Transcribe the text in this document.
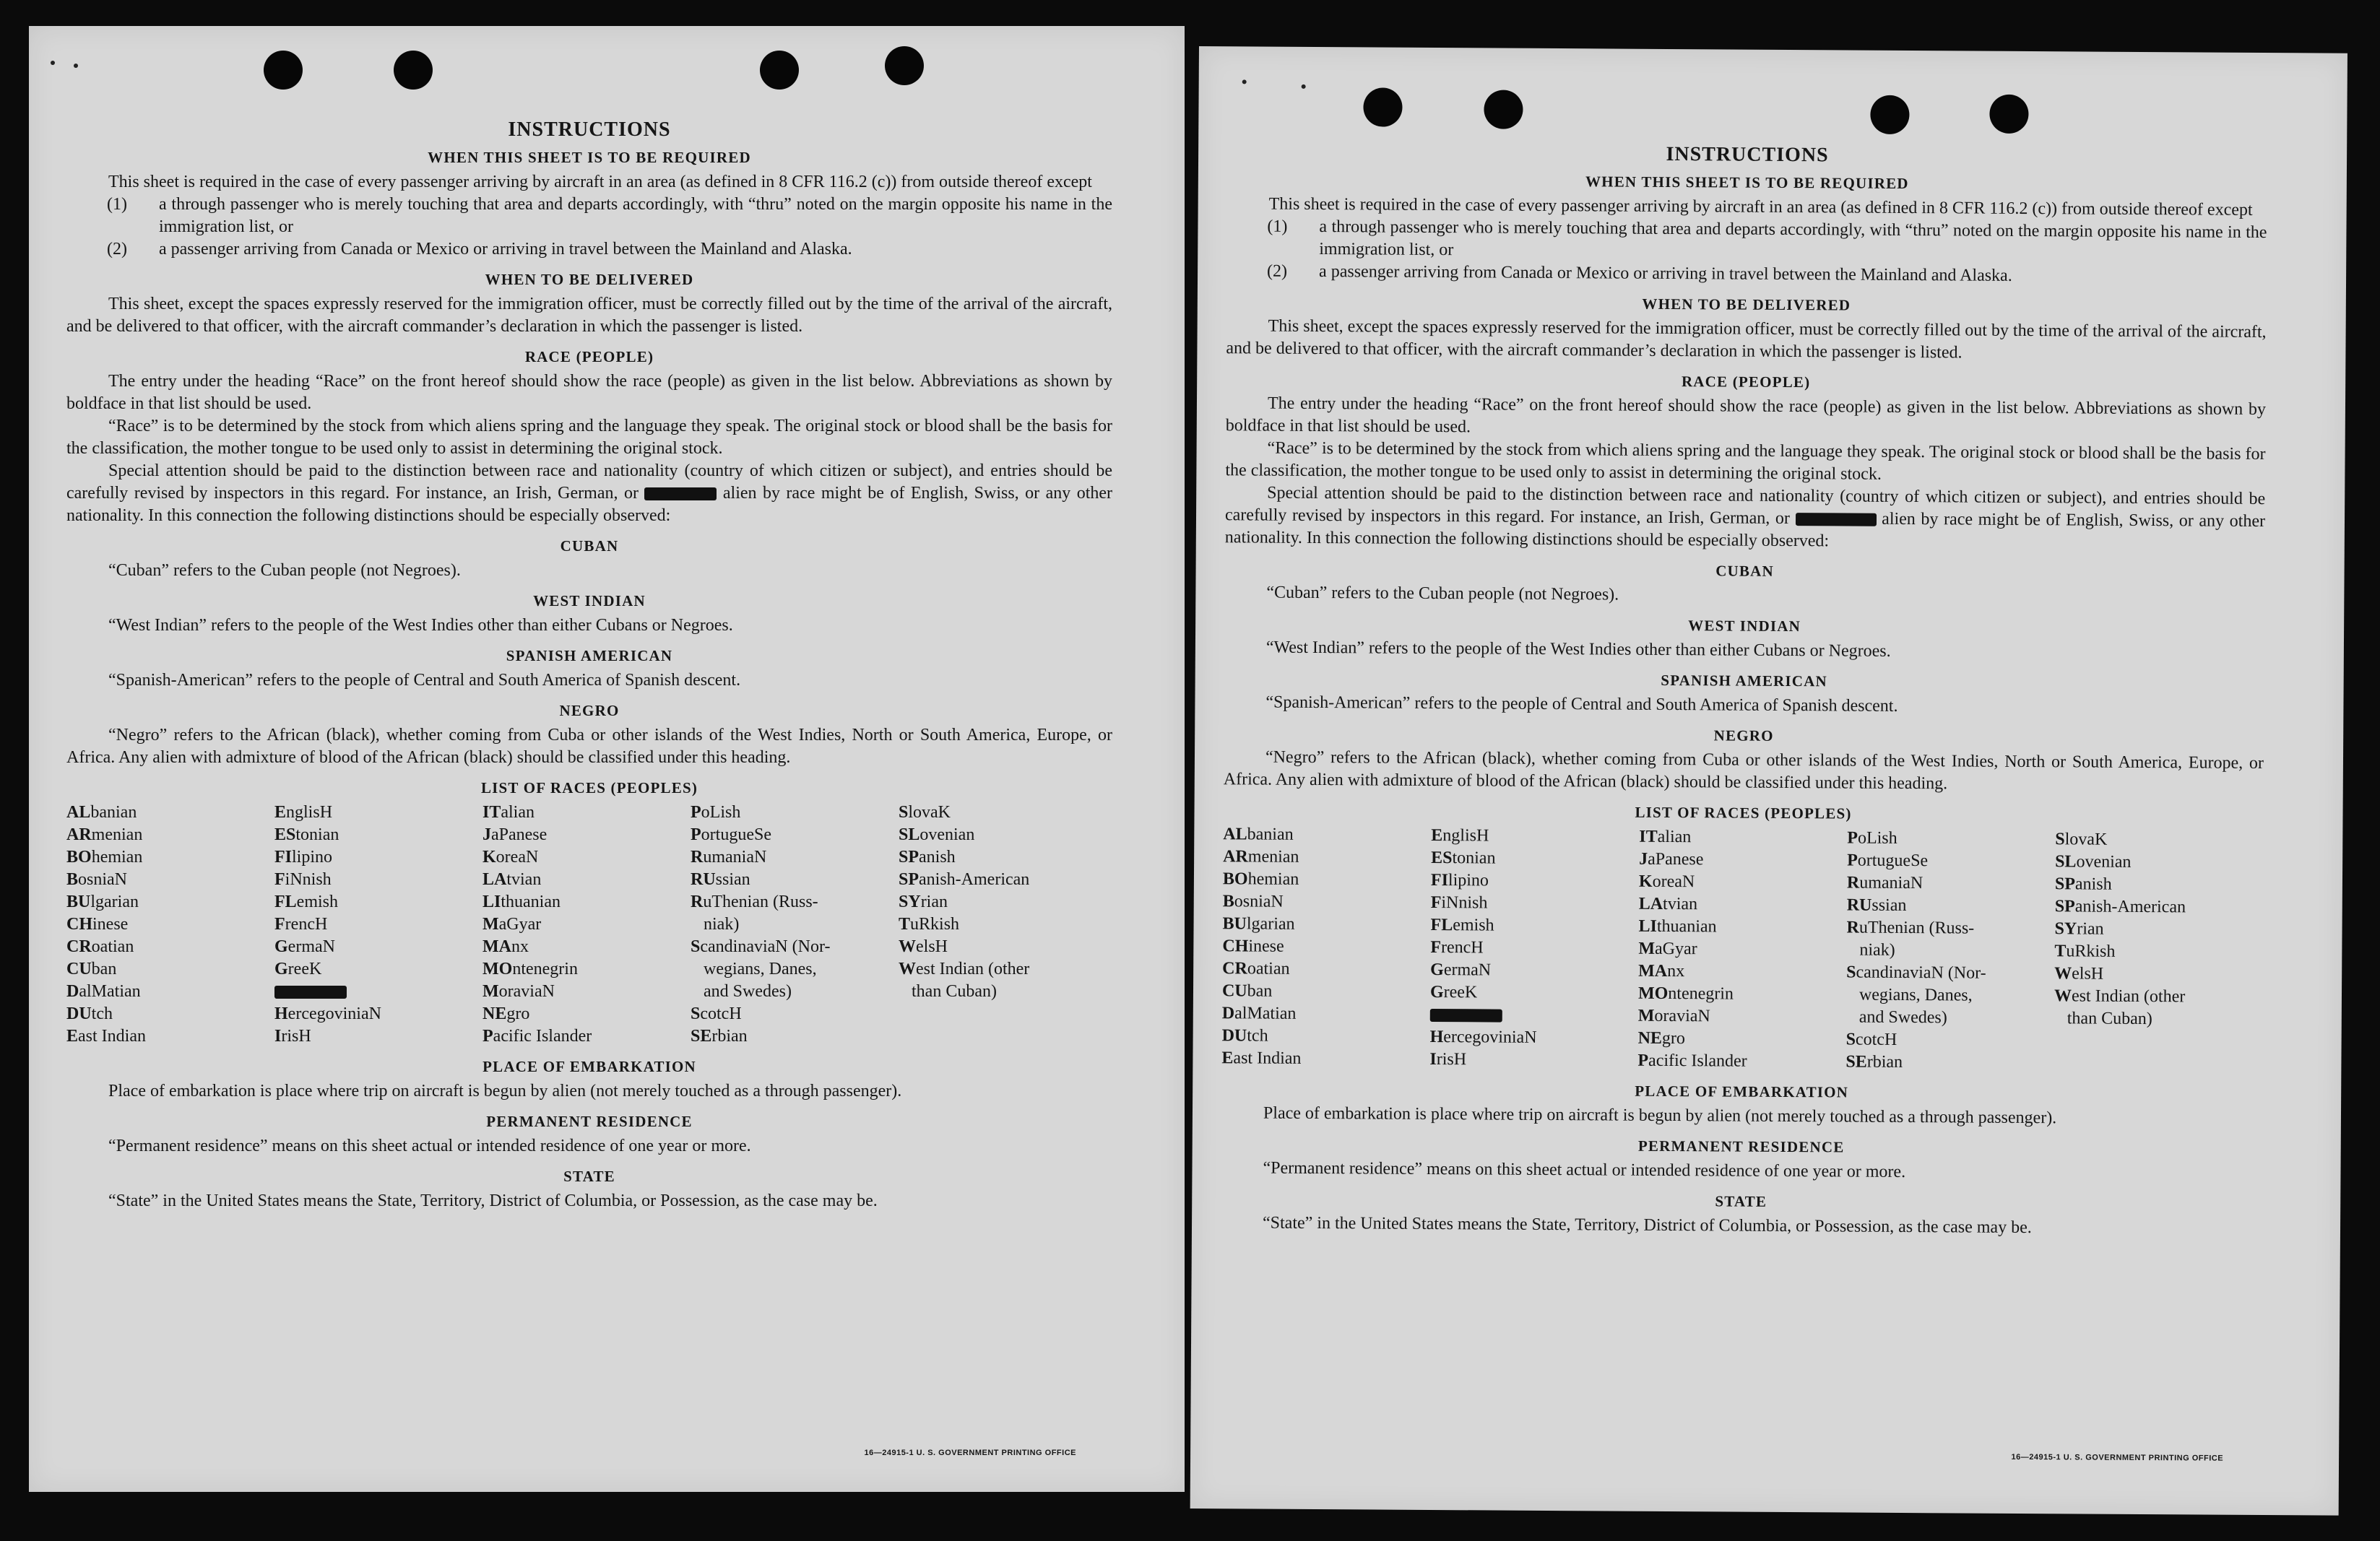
INSTRUCTIONS
WHEN THIS SHEET IS TO BE REQUIRED

This sheet is required in the case of every passenger arriving by aircraft in an area (as defined in 8 CFR 116.2 (c)) from outside thereof except

(1) a through passenger who is merely touching that area and departs accordingly, with “thru” noted on the margin opposite his name in the immigration list, or
(2) a passenger arriving from Canada or Mexico or arriving in travel between the Mainland and Alaska.
WHEN TO BE DELIVERED

This sheet, except the spaces expressly reserved for the immigration officer, must be correctly filled out by the time of the arrival of the aircraft, and be delivered to that officer, with the aircraft commander’s declaration in which the passenger is listed.

RACE (PEOPLE)

The entry under the heading “Race” on the front hereof should show the race (people) as given in the list below. Abbreviations as shown by boldface in that list should be used.

“Race” is to be determined by the stock from which aliens spring and the language they speak. The original stock or blood shall be the basis for the classification, the mother tongue to be used only to assist in determining the original stock.

Special attention should be paid to the distinction between race and nationality (country of which citizen or subject), and entries should be carefully revised by inspectors in this regard. For instance, an Irish, German, or	alien by race might be of English, Swiss, or any other nationality. In this connection the following distinctions should be especially observed:

CUBAN

“Cuban” refers to the Cuban people (not Negroes).

WEST INDIAN

“West Indian” refers to the people of the West Indies other than either Cubans or Negroes.

SPANISH AMERICAN

“Spanish-American” refers to the people of Central and South America of Spanish descent.

NEGRO

“Negro” refers to the African (black), whether coming from Cuba or other islands of the West Indies, North or South America, Europe, or Africa. Any alien with admixture of blood of the African (black) should be classified under this heading.

LIST OF RACES (PEOPLES)
ALbanian
ARmenian
BOhemian
BosniaN
BUlgarian
CHinese
CRoatian
CUban
DalMatian
DUtch
East Indian
EnglisH
EStonian
FIlipino
FiNnish
FLemish
FrencH
GermaN
GreeK
HercegoviniaN
IrisH
ITalian
JaPanese
KoreaN
LAtvian
LIthuanian
MaGyar
MAnx
MOntenegrin
MoraviaN
NEgro
Pacific Islander
PoLish
PortugueSe
RumaniaN
RUssian
RuThenian (Russ-
niak)
ScandinaviaN (Nor-
wegians, Danes,
and Swedes)
ScotcH
SErbian
SlovaK
SLovenian
SPanish
SPanish-American
SYrian
TuRkish
WelsH
West Indian (other
than Cuban)

PLACE OF EMBARKATION

Place of embarkation is place where trip on aircraft is begun by alien (not merely touched as a through passenger).

PERMANENT RESIDENCE

“Permanent residence” means on this sheet actual or intended residence of one year or more.

STATE

“State” in the United States means the State, Territory, District of Columbia, or Possession, as the case may be.

16—24915-1 U. S. GOVERNMENT PRINTING OFFICE
INSTRUCTIONS
WHEN THIS SHEET IS TO BE REQUIRED

This sheet is required in the case of every passenger arriving by aircraft in an area (as defined in 8 CFR 116.2 (c)) from outside thereof except

(1) a through passenger who is merely touching that area and departs accordingly, with “thru” noted on the margin opposite his name in the immigration list, or
(2) a passenger arriving from Canada or Mexico or arriving in travel between the Mainland and Alaska.
WHEN TO BE DELIVERED

This sheet, except the spaces expressly reserved for the immigration officer, must be correctly filled out by the time of the arrival of the aircraft, and be delivered to that officer, with the aircraft commander’s declaration in which the passenger is listed.

RACE (PEOPLE)

The entry under the heading “Race” on the front hereof should show the race (people) as given in the list below. Abbreviations as shown by boldface in that list should be used.

“Race” is to be determined by the stock from which aliens spring and the language they speak. The original stock or blood shall be the basis for the classification, the mother tongue to be used only to assist in determining the original stock.

Special attention should be paid to the distinction between race and nationality (country of which citizen or subject), and entries should be carefully revised by inspectors in this regard. For instance, an Irish, German, or	alien by race might be of English, Swiss, or any other nationality. In this connection the following distinctions should be especially observed:

CUBAN

“Cuban” refers to the Cuban people (not Negroes).

WEST INDIAN

“West Indian” refers to the people of the West Indies other than either Cubans or Negroes.

SPANISH AMERICAN

“Spanish-American” refers to the people of Central and South America of Spanish descent.

NEGRO

“Negro” refers to the African (black), whether coming from Cuba or other islands of the West Indies, North or South America, Europe, or Africa. Any alien with admixture of blood of the African (black) should be classified under this heading.

LIST OF RACES (PEOPLES)
ALbanian
ARmenian
BOhemian
BosniaN
BUlgarian
CHinese
CRoatian
CUban
DalMatian
DUtch
East Indian
EnglisH
EStonian
FIlipino
FiNnish
FLemish
FrencH
GermaN
GreeK
HercegoviniaN
IrisH
ITalian
JaPanese
KoreaN
LAtvian
LIthuanian
MaGyar
MAnx
MOntenegrin
MoraviaN
NEgro
Pacific Islander
PoLish
PortugueSe
RumaniaN
RUssian
RuThenian (Russ-
niak)
ScandinaviaN (Nor-
wegians, Danes,
and Swedes)
ScotcH
SErbian
SlovaK
SLovenian
SPanish
SPanish-American
SYrian
TuRkish
WelsH
West Indian (other
than Cuban)

PLACE OF EMBARKATION

Place of embarkation is place where trip on aircraft is begun by alien (not merely touched as a through passenger).

PERMANENT RESIDENCE

“Permanent residence” means on this sheet actual or intended residence of one year or more.

STATE

“State” in the United States means the State, Territory, District of Columbia, or Possession, as the case may be.

16—24915-1 U. S. GOVERNMENT PRINTING OFFICE
